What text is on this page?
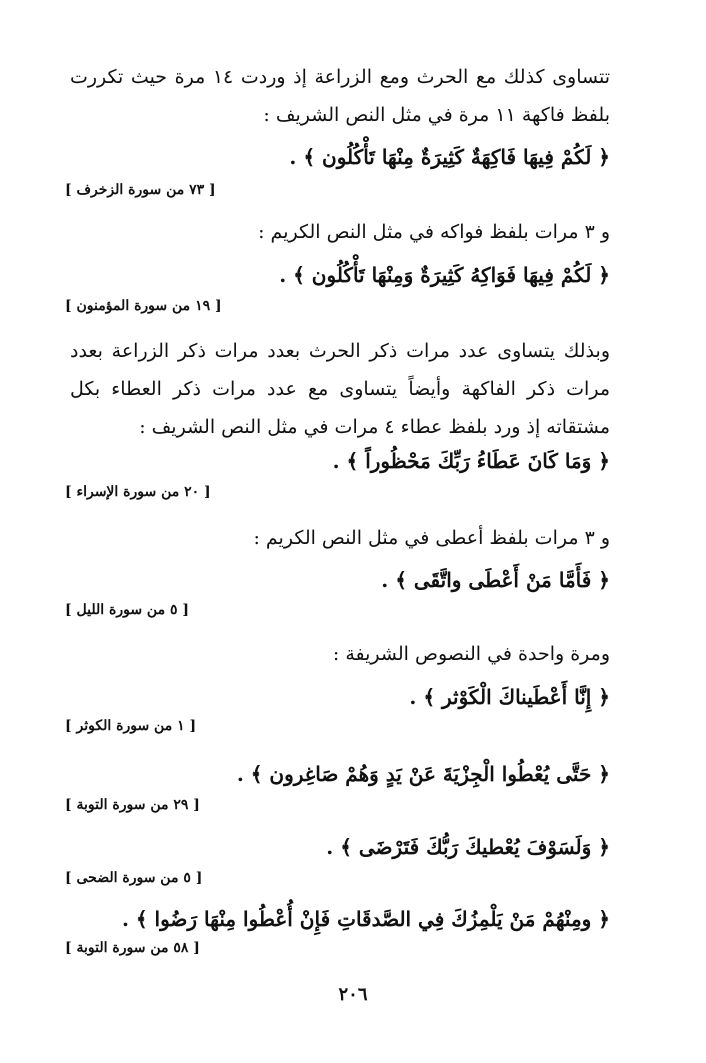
تتساوى كذلك مع الحرث ومع الزراعة إذ وردت ١٤ مرة حيث تكررت بلفظ فاكهة ١١ مرة في مثل النص الشريف :
﴿ لَكُمْ فِيهَا فَاكِهَةٌ كَثِيرَةٌ مِنْهَا تَأْكُلُون ﴾ .
[ ٧٣ من سورة الزخرف ]
و ٣ مرات بلفظ فواكه في مثل النص الكريم :
﴿ لَكُمْ فِيهَا فَوَاكِهُ كَثِيرَةٌ وَمِنْهَا تَأْكُلُون ﴾ .
[ ١٩ من سورة المؤمنون ]
وبذلك يتساوى عدد مرات ذكر الحرث بعدد مرات ذكر الزراعة بعدد مرات ذكر الفاكهة وأيضاً يتساوى مع عدد مرات ذكر العطاء بكل مشتقاته إذ ورد بلفظ عطاء ٤ مرات في مثل النص الشريف :
﴿ وَمَا كَانَ عَطَاءُ رَبِّكَ مَحْظُوراً ﴾ .
[ ٢٠ من سورة الإسراء ]
و ٣ مرات بلفظ أعطى في مثل النص الكريم :
﴿ فَأَمَّا مَنْ أَعْطَى واتَّقَى ﴾ .
[ ٥ من سورة الليل ]
ومرة واحدة في النصوص الشريفة :
﴿ إِنَّا أَعْطَيناكَ الْكَوْثر ﴾ .
[ ١ من سورة الكوثر ]
﴿ حَتَّى يُعْطُوا الْجِزْيَةَ عَنْ يَدٍ وَهُمْ صَاغِرون ﴾ .
[ ٢٩ من سورة التوبة ]
﴿ وَلَسَوْفَ يُعْطيكَ رَبُّكَ فَتَرْضَى ﴾ .
[ ٥ من سورة الضحى ]
﴿ ومِنْهُمْ مَنْ يَلْمِزُكَ فِي الصَّدقَاتِ فَإِنْ أُعْطُوا مِنْهَا رَضُوا ﴾ .
[ ٥٨ من سورة التوبة ]
٢٠٦
